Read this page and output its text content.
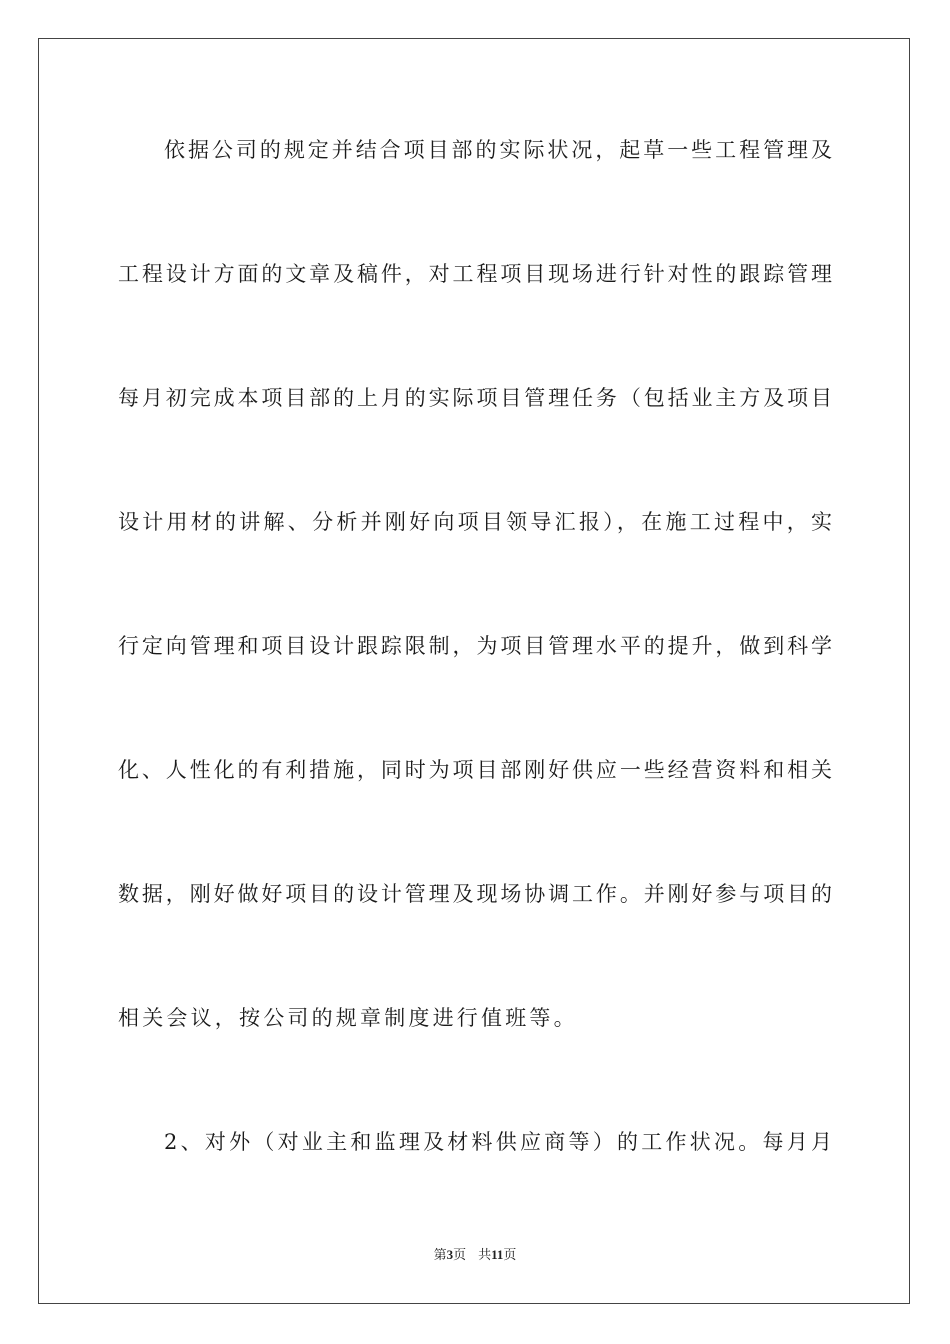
依据公司的规定并结合项目部的实际状况，起草一些工程管理及
工程设计方面的文章及稿件，对工程项目现场进行针对性的跟踪管理
每月初完成本项目部的上月的实际项目管理任务（包括业主方及项目
设计用材的讲解、分析并刚好向项目领导汇报），在施工过程中，实
行定向管理和项目设计跟踪限制，为项目管理水平的提升，做到科学
化、人性化的有利措施，同时为项目部刚好供应一些经营资料和相关
数据，刚好做好项目的设计管理及现场协调工作。并刚好参与项目的
相关会议，按公司的规章制度进行值班等。
2、对外（对业主和监理及材料供应商等）的工作状况。每月月
第3页 共11页
